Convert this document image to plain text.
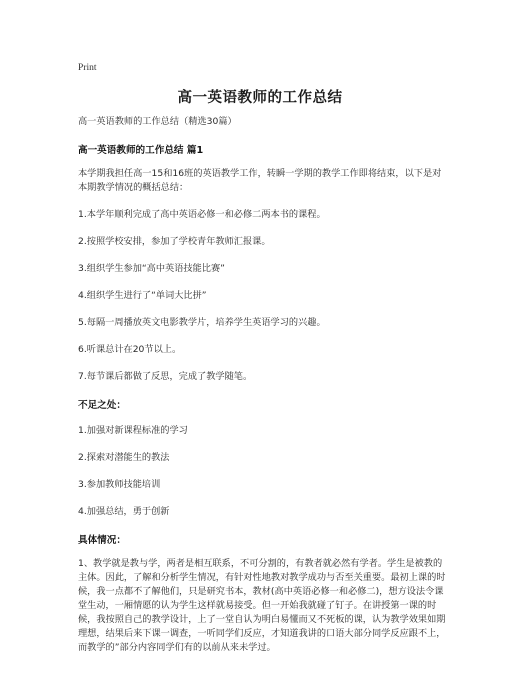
Print
高一英语教师的工作总结

高一英语教师的工作总结（精选30篇）

高一英语教师的工作总结 篇1

本学期我担任高一15和16班的英语教学工作，转瞬一学期的教学工作即将结束，以下是对本期教学情况的概括总结：

1.本学年顺利完成了高中英语必修一和必修二两本书的课程。

2.按照学校安排，参加了学校青年教师汇报课。

3.组织学生参加“高中英语技能比赛”

4.组织学生进行了“单词大比拼”

5.每隔一周播放英文电影教学片，培养学生英语学习的兴趣。

6.听课总计在20节以上。

7.每节课后都做了反思，完成了教学随笔。

不足之处：

1.加强对新课程标准的学习

2.探索对潜能生的教法

3.参加教师技能培训

4.加强总结，勇于创新

具体情况：

1、教学就是教与学，两者是相互联系，不可分割的，有教者就必然有学者。学生是被教的主体。因此，了解和分析学生情况，有针对性地教对教学成功与否至关重要。最初上课的时候，我一点都不了解他们，只是研究书本，教材(高中英语必修一和必修二)，想方设法令课堂生动，一厢情愿的认为学生这样就易接受。但一开始我就碰了钉子。在讲授第一课的时候，我按照自己的教学设计，上了一堂自认为明白易懂而又不死板的课，认为教学效果如期理想，结果后来下课一调查，一听同学们反应，才知道我讲的口语大部分同学反应跟不上，而教学的”部分内容同学们有的以前从来未学过。
